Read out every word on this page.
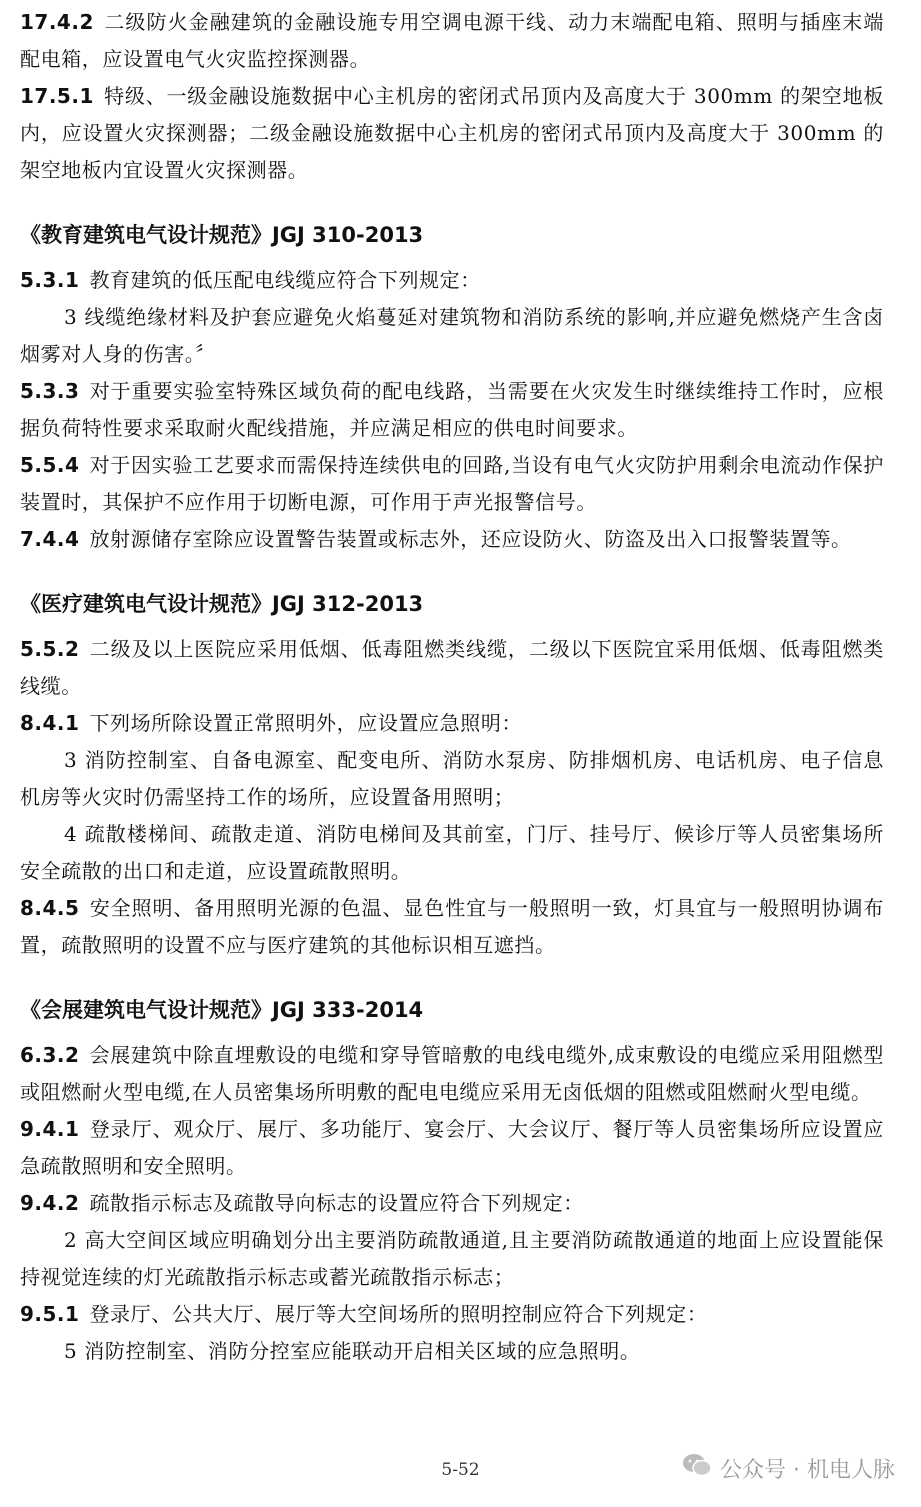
17.4.2 二级防火金融建筑的金融设施专用空调电源干线、动力末端配电箱、照明与插座末端配电箱，应设置电气火灾监控探测器。
17.5.1 特级、一级金融设施数据中心主机房的密闭式吊顶内及高度大于 300mm 的架空地板内，应设置火灾探测器；二级金融设施数据中心主机房的密闭式吊顶内及高度大于 300mm 的架空地板内宜设置火灾探测器。
《教育建筑电气设计规范》JGJ 310-2013
5.3.1 教育建筑的低压配电线缆应符合下列规定：
3 线缆绝缘材料及护套应避免火焰蔓延对建筑物和消防系统的影响,并应避免燃烧产生含卤烟雾对人身的伤害。〞
5.3.3 对于重要实验室特殊区域负荷的配电线路，当需要在火灾发生时继续维持工作时，应根据负荷特性要求采取耐火配线措施，并应满足相应的供电时间要求。
5.5.4 对于因实验工艺要求而需保持连续供电的回路,当设有电气火灾防护用剩余电流动作保护装置时，其保护不应作用于切断电源，可作用于声光报警信号。
7.4.4 放射源储存室除应设置警告装置或标志外，还应设防火、防盗及出入口报警装置等。
《医疗建筑电气设计规范》JGJ 312-2013
5.5.2 二级及以上医院应采用低烟、低毒阻燃类线缆，二级以下医院宜采用低烟、低毒阻燃类线缆。
8.4.1 下列场所除设置正常照明外，应设置应急照明：
3 消防控制室、自备电源室、配变电所、消防水泵房、防排烟机房、电话机房、电子信息机房等火灾时仍需坚持工作的场所，应设置备用照明；
4 疏散楼梯间、疏散走道、消防电梯间及其前室，门厅、挂号厅、候诊厅等人员密集场所安全疏散的出口和走道，应设置疏散照明。
8.4.5 安全照明、备用照明光源的色温、显色性宜与一般照明一致，灯具宜与一般照明协调布置，疏散照明的设置不应与医疗建筑的其他标识相互遮挡。
《会展建筑电气设计规范》JGJ 333-2014
6.3.2 会展建筑中除直埋敷设的电缆和穿导管暗敷的电线电缆外,成束敷设的电缆应采用阻燃型或阻燃耐火型电缆,在人员密集场所明敷的配电电缆应采用无卤低烟的阻燃或阻燃耐火型电缆。
9.4.1 登录厅、观众厅、展厅、多功能厅、宴会厅、大会议厅、餐厅等人员密集场所应设置应急疏散照明和安全照明。
9.4.2 疏散指示标志及疏散导向标志的设置应符合下列规定：
2 高大空间区域应明确划分出主要消防疏散通道,且主要消防疏散通道的地面上应设置能保持视觉连续的灯光疏散指示标志或蓄光疏散指示标志；
9.5.1 登录厅、公共大厅、展厅等大空间场所的照明控制应符合下列规定：
5 消防控制室、消防分控室应能联动开启相关区域的应急照明。
5-52	公众号 · 机电人脉
